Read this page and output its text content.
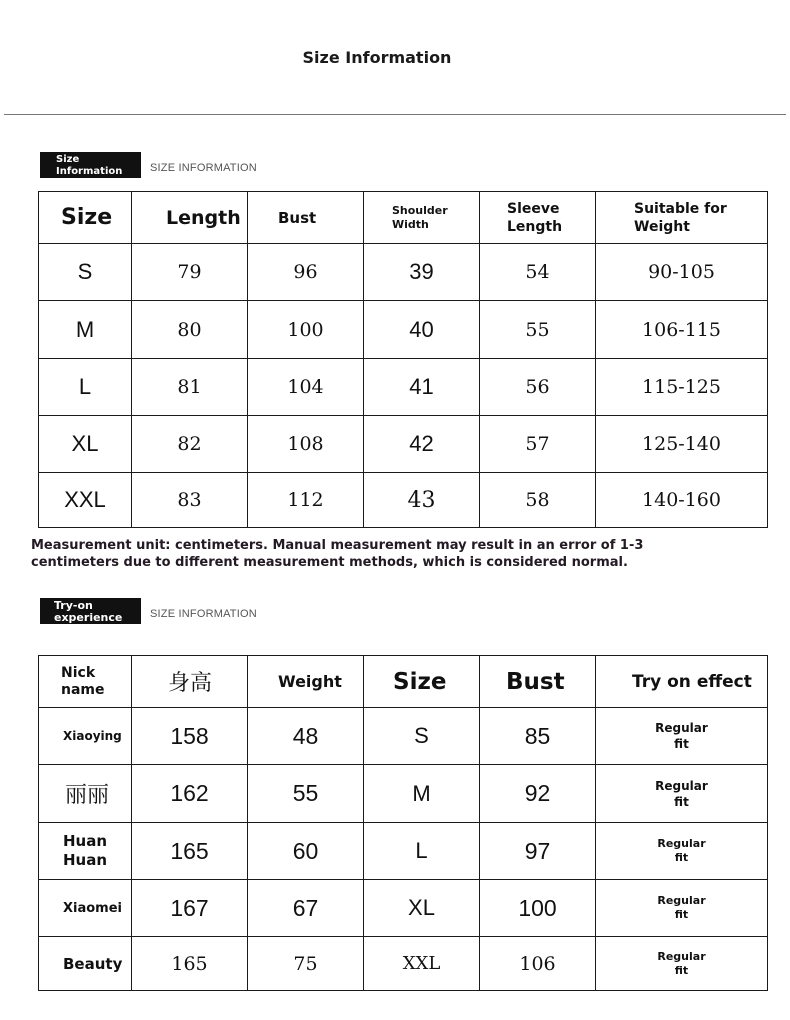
Size Information
Size Information	SIZE INFORMATION
Size	Length	Bust	Shoulder Width	Sleeve Length	Suitable for Weight
S	79	96	39	54	90-105
M	80	100	40	55	106-115
L	81	104	41	56	115-125
XL	82	108	42	57	125-140
XXL	83	112	43	58	140-160
Measurement unit: centimeters. Manual measurement may result in an error of 1-3 centimeters due to different measurement methods, which is considered normal.
Try-on experience	SIZE INFORMATION
Nick name	身高	Weight	Size	Bust	Try on effect
Xiaoying	158	48	S	85	Regular fit

丽丽	162	55	M	92	Regular fit

Huan Huan	165	60	L	97	Regular fit

Xiaomei	167	67	XL	100	Regular fit

Beauty	165	75	XXL	106	Regular fit
